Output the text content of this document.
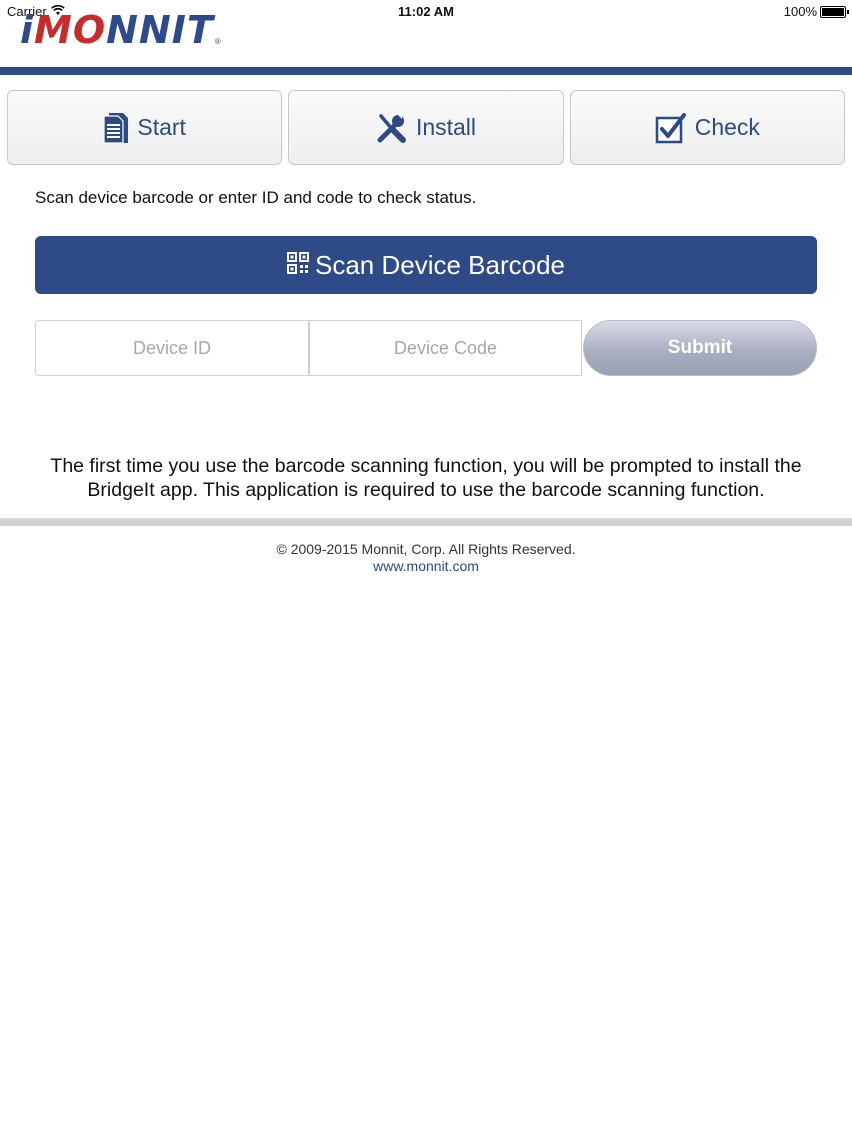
Carrier	11:02 AM	100%
iMONNIT ®
Start	Install	Check
Scan device barcode or enter ID and code to check status.
Scan Device Barcode
Device ID
Device Code
Submit
The first time you use the barcode scanning function, you will be prompted to install the BridgeIt app. This application is required to use the barcode scanning function.
© 2009-2015 Monnit, Corp. All Rights Reserved.
www.monnit.com
